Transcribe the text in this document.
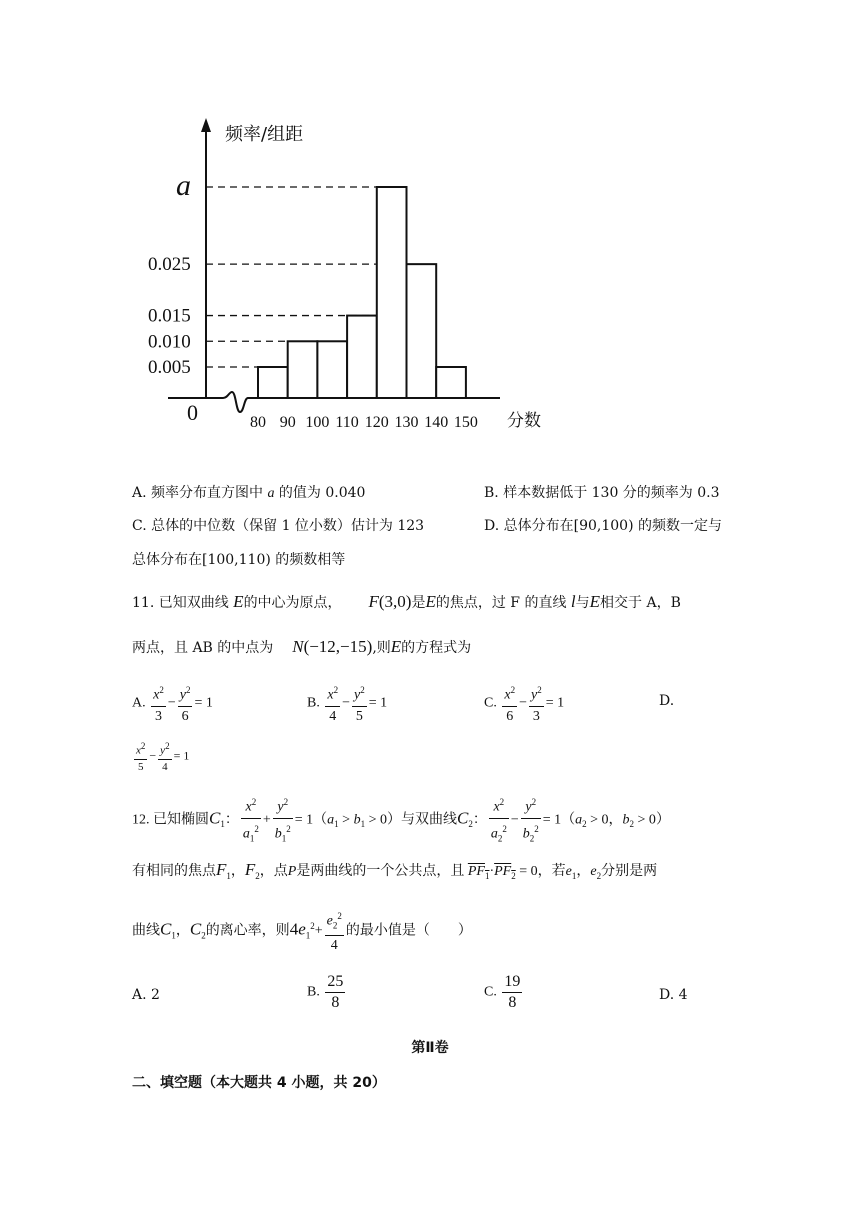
0.005
0.010
0.015
0.025
a
80 90 100 110 120 130 140 150
频率/组距
分数
0
A. 频率分布直方图中 a 的值为 0.040	B. 样本数据低于 130 分的频率为 0.3
C. 总体的中位数（保留 1 位小数）估计为 123	D. 总体分布在[90,100) 的频数一定与
总体分布在[100,110) 的频数相等
11. 已知双曲线 E的中心为原点， F(3,0)是E的焦点，过 F 的直线 l与E相交于 A，B
两点，且 AB 的中点为 N(−12,−15),则E的方程式为
A. $\frac{x^2}{3} - \frac{y^2}{6} = 1$	B. $\frac{x^2}{4} - \frac{y^2}{5} = 1$	C. $\frac{x^2}{6} - \frac{y^2}{3} = 1$	D.
$\frac{x^2}{5} - \frac{y^2}{4} = 1$
12. 已知椭圆$C_1$： $\frac{x^2}{a_1^2} + \frac{y^2}{b_1^2} = 1(a_1 > b_1 > 0)$与双曲线$C_2$： $\frac{x^2}{a_2^2} - \frac{y^2}{b_2^2} = 1(a_2 > 0$，$b_2 > 0$）
有相同的焦点$F_1$，$F_2$，点P是两曲线的一个公共点，且 $PF_1\cdot PF_2 = 0$，若$e_1$，$e_2$分别是两
曲线$C_1$，$C_2$的离心率，则$4e_1^2+ \frac{e_2^2}{4}$ 的最小值是（　　）
A. 2	B. $\frac{25}{8}$	C. $\frac{19}{8}$	D. 4
第Ⅱ卷
二、填空题（本大题共 4 小题，共 20）
